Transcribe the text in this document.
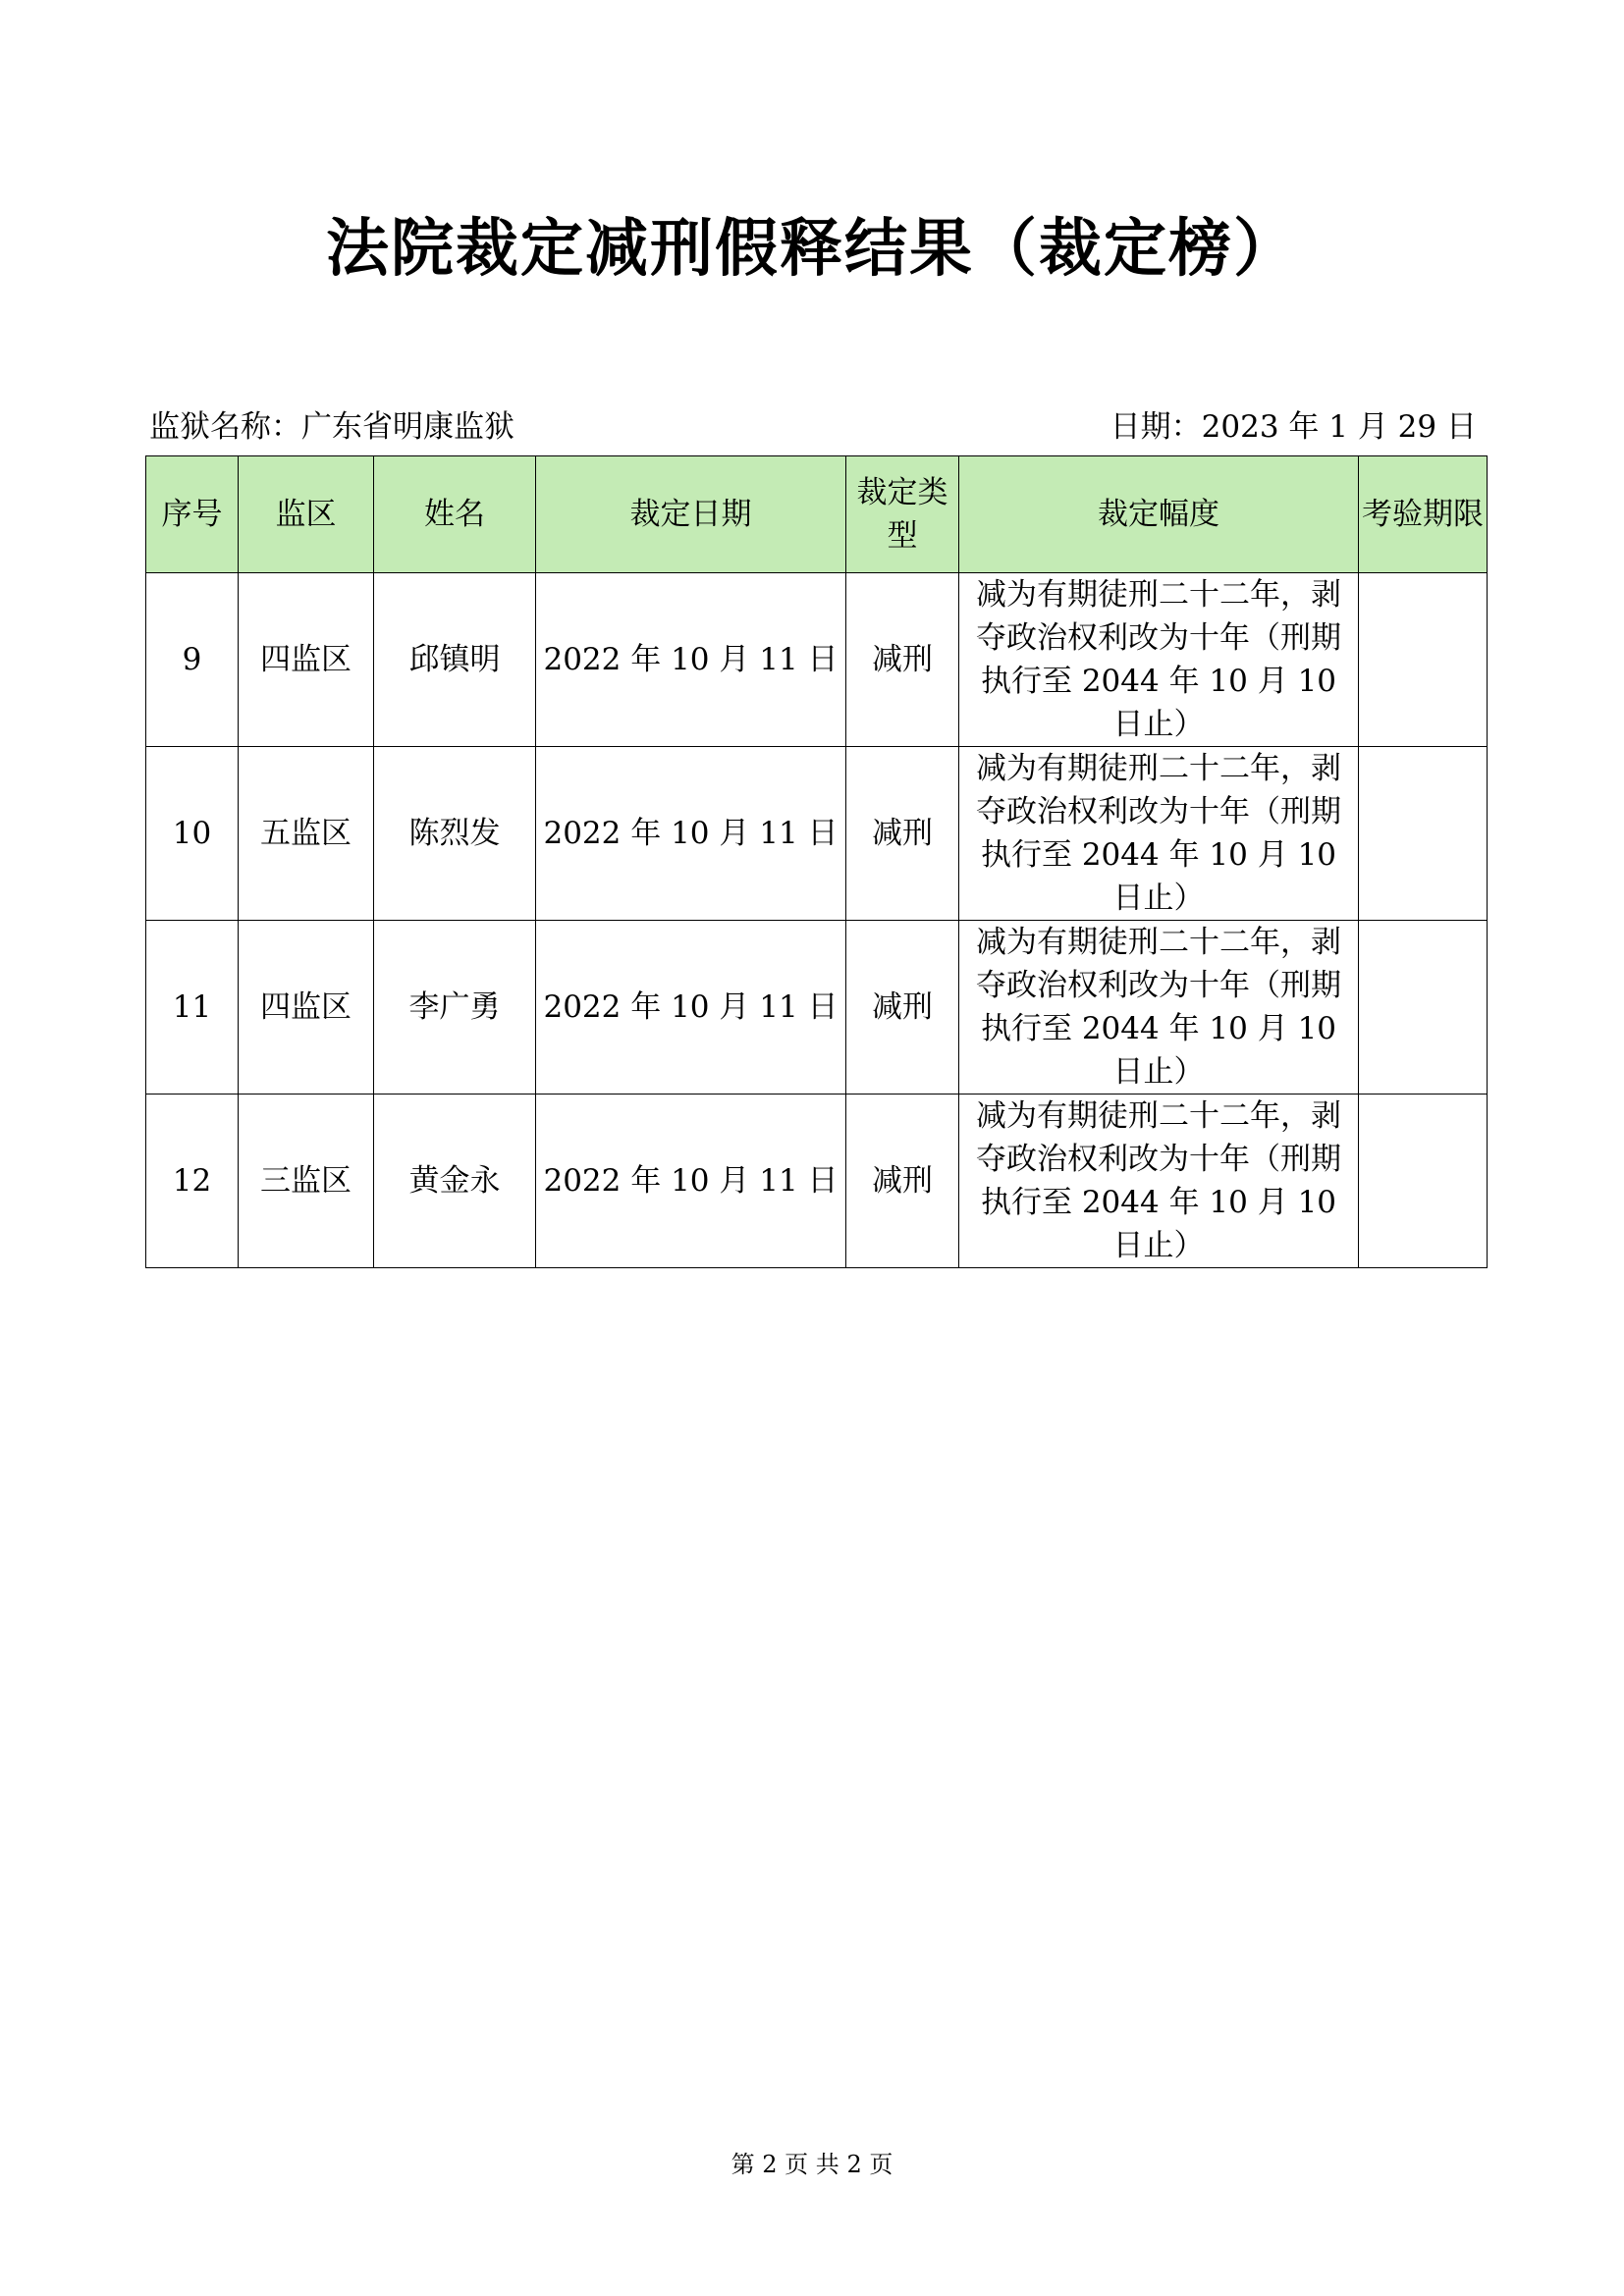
法院裁定减刑假释结果（裁定榜）
监狱名称：广东省明康监狱	日期：2023 年 1 月 29 日
序号	监区	姓名	裁定日期	裁定类型	裁定幅度	考验期限
9	四监区	邱镇明	2022 年 10 月 11 日	减刑	减为有期徒刑二十二年，剥夺政治权利改为十年（刑期执行至 2044 年 10 月 10 日止）	
10	五监区	陈烈发	2022 年 10 月 11 日	减刑	减为有期徒刑二十二年，剥夺政治权利改为十年（刑期执行至 2044 年 10 月 10 日止）	
11	四监区	李广勇	2022 年 10 月 11 日	减刑	减为有期徒刑二十二年，剥夺政治权利改为十年（刑期执行至 2044 年 10 月 10 日止）	
12	三监区	黄金永	2022 年 10 月 11 日	减刑	减为有期徒刑二十二年，剥夺政治权利改为十年（刑期执行至 2044 年 10 月 10 日止）	
第 2 页 共 2 页
